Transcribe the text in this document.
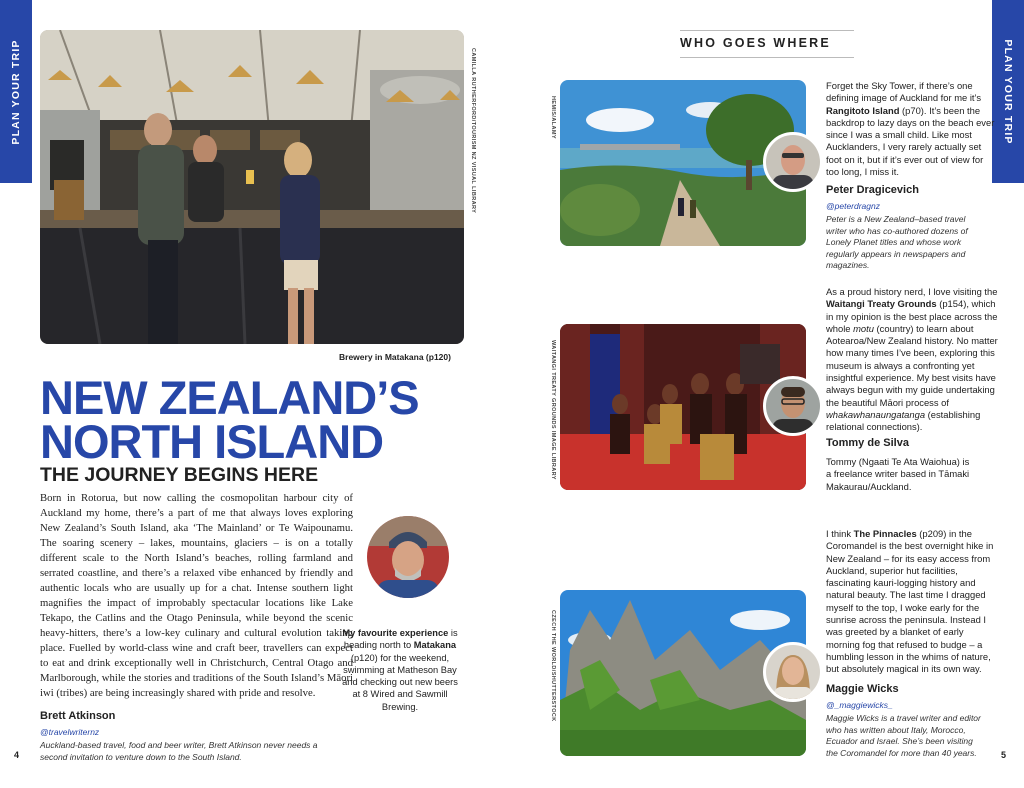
PLAN YOUR TRIP	PLAN YOUR TRIP
CAMILLA RUTHERFORD/TOURISM NZ VISUAL LIBRARY
Brewery in Matakana (p120)
NEW ZEALAND’S
NORTH ISLAND
THE JOURNEY BEGINS HERE
Born in Rotorua, but now calling the cosmopolitan harbour city of Auckland my home, there’s a part of me that always loves exploring New Zealand’s South Island, aka ‘The Mainland’ or Te Waipounamu. The soaring scenery – lakes, mountains, glaciers – is on a totally different scale to the North Island’s beaches, rolling farmland and serrated coastline, and there’s a relaxed vibe enhanced by friendly and authentic locals who are usually up for a chat. Intense southern light magnifies the impact of improbably spectacular locations like Lake Tekapo, the Catlins and the Otago Peninsula, while beyond the scenic heavy-hitters, there’s a low-key culinary and cultural evolution taking place. Fuelled by world-class wine and craft beer, travellers can expect to eat and drink exceptionally well in Christchurch, Central Otago and Marlborough, while the stories and traditions of the South Island’s Māori iwi (tribes) are being increasingly shared with pride and resolve.
My favourite experience is heading north to Matakana (p120) for the weekend, swimming at Matheson Bay and checking out new beers at 8 Wired and Sawmill Brewing.
Brett Atkinson
@travelwriternz
Auckland-based travel, food and beer writer, Brett Atkinson never needs a second invitation to venture down to the South Island.
4
WHO GOES WHERE
HEMIS/ALAMY
Forget the Sky Tower, if there’s one defining image of Auckland for me it’s Rangitoto Island (p70). It’s been the backdrop to lazy days on the beach ever since I was a small child. Like most Aucklanders, I very rarely actually set foot on it, but if it’s ever out of view for too long, I miss it.
Peter Dragicevich
@peterdragnz
Peter is a New Zealand–based travel writer who has co-authored dozens of Lonely Planet titles and whose work regularly appears in newspapers and magazines.
WAITANGI TREATY GROUNDS IMAGE LIBRARY
As a proud history nerd, I love visiting the Waitangi Treaty Grounds (p154), which in my opinion is the best place across the whole motu (country) to learn about Aotearoa/New Zealand history. No matter how many times I’ve been, exploring this museum is always a confronting yet insightful experience. My best visits have always begun with my guide undertaking the beautiful Māori process of whakawhanaungatanga (establishing relational connections).
Tommy de Silva
Tommy (Ngaati Te Ata Waiohua) is a freelance writer based in Tāmaki Makaurau/Auckland.
CZECH THE WORLD/SHUTTERSTOCK
I think The Pinnacles (p209) in the Coromandel is the best overnight hike in New Zealand – for its easy access from Auckland, superior hut facilities, fascinating kauri-logging history and natural beauty. The last time I dragged myself to the top, I woke early for the sunrise across the peninsula. Instead I was greeted by a blanket of early morning fog that refused to budge – a humbling lesson in the whims of nature, but absolutely magical in its own way.
Maggie Wicks
@_maggiewicks_
Maggie Wicks is a travel writer and editor who has written about Italy, Morocco, Ecuador and Israel. She’s been visiting the Coromandel for more than 40 years.	5
